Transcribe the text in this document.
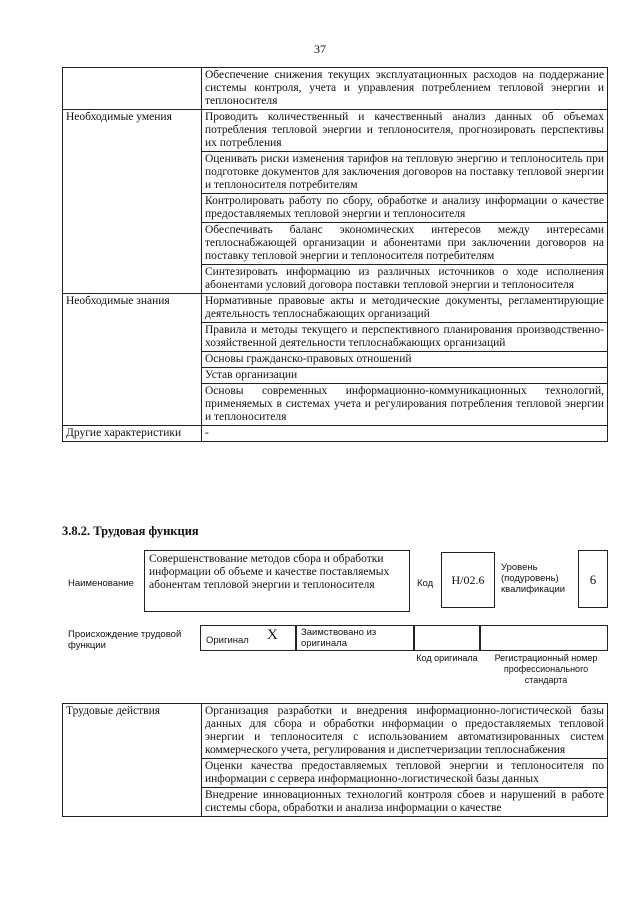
37
	Обеспечение снижения текущих эксплуатационных расходов на поддержание системы контроля, учета и управления потреблением тепловой энергии и теплоносителя
Необходимые умения	Проводить количественный и качественный анализ данных об объемах потребления тепловой энергии и теплоносителя, прогнозировать перспективы их потребления
	Оценивать риски изменения тарифов на тепловую энергию и теплоноситель при подготовке документов для заключения договоров на поставку тепловой энергии и теплоносителя потребителям
	Контролировать работу по сбору, обработке и анализу информации о качестве предоставляемых тепловой энергии и теплоносителя
	Обеспечивать баланс экономических интересов между интересами теплоснабжающей организации и абонентами при заключении договоров на поставку тепловой энергии и теплоносителя потребителям
	Синтезировать информацию из различных источников о ходе исполнения абонентами условий договора поставки тепловой энергии и теплоносителя
Необходимые знания	Нормативные правовые акты и методические документы, регламентирующие деятельность теплоснабжающих организаций
	Правила и методы текущего и перспективного планирования производственно-хозяйственной деятельности теплоснабжающих организаций
	Основы гражданско-правовых отношений
	Устав организации
	Основы современных информационно-коммуникационных технологий, применяемых в системах учета и регулирования потребления тепловой энергии и теплоносителя
Другие характеристики	-
3.8.2. Трудовая функция
Наименование
Совершенствование методов сбора и обработки информации об объеме и качестве поставляемых абонентам тепловой энергии и теплоносителя	Код	H/02.6
Уровень (подуровень) квалификации
6
Происхождение трудовой функции	Оригинал X Заимствовано из оригинала
Код оригинала	Регистрационный номер профессионального стандарта
Трудовые действия	Организация разработки и внедрения информационно-логистической базы данных для сбора и обработки информации о предоставляемых тепловой энергии и теплоносителя с использованием автоматизированных систем коммерческого учета, регулирования и диспетчеризации теплоснабжения
Оценки качества предоставляемых тепловой энергии и теплоносителя по информации с сервера информационно-логистической базы данных
Внедрение инновационных технологий контроля сбоев и нарушений в работе системы сбора, обработки и анализа информации о качестве
